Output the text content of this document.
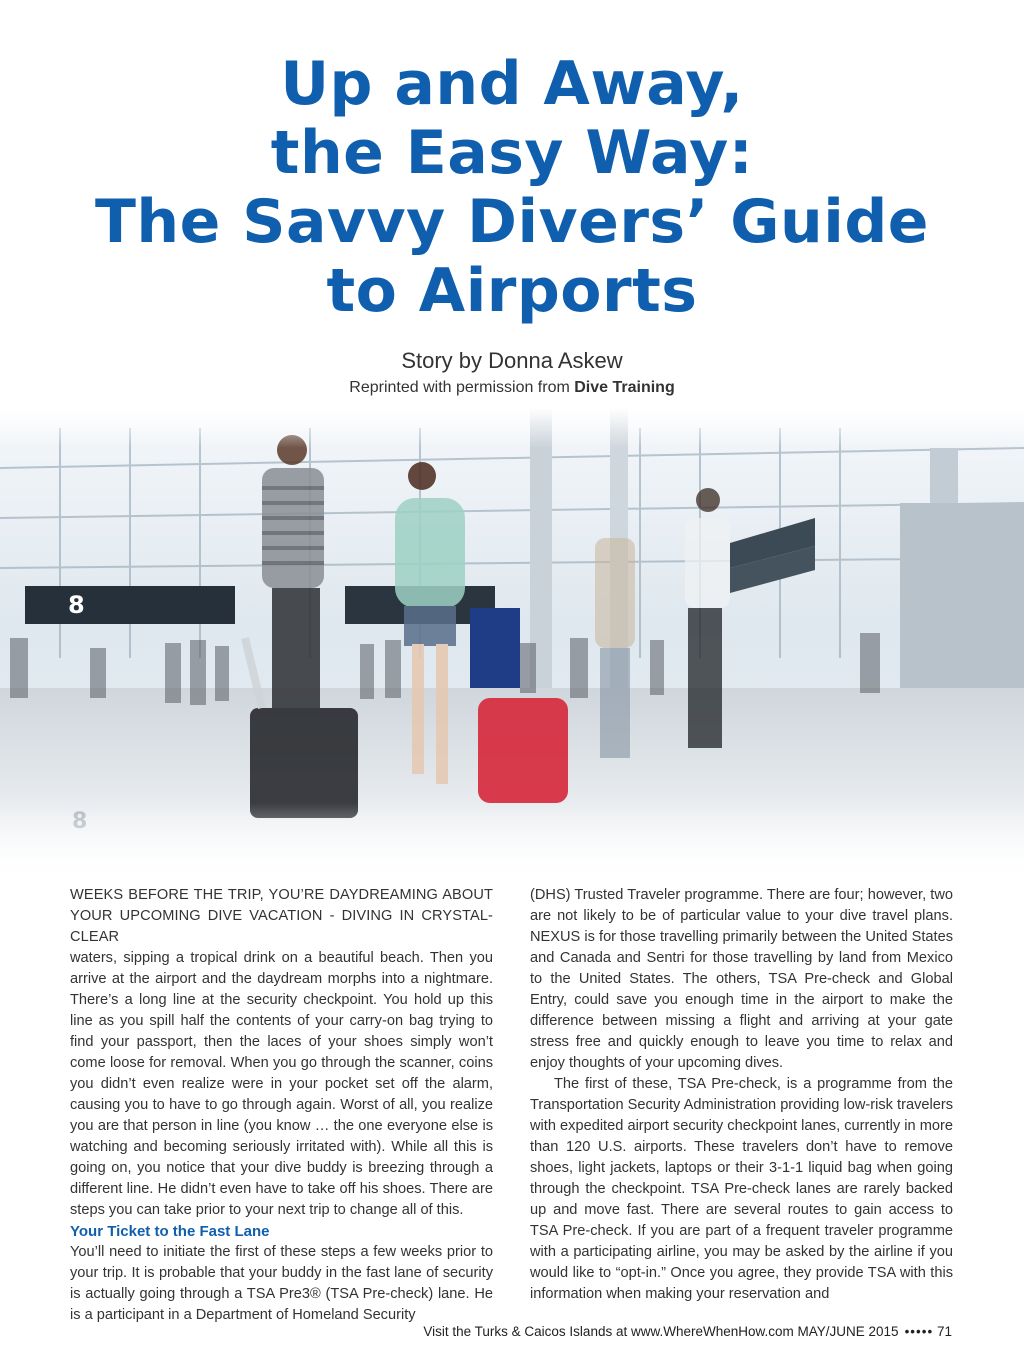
Up and Away,
the Easy Way:
The Savvy Divers’ Guide
to Airports
Story by Donna Askew
Reprinted with permission from Dive Training
8

WEEKS BEFORE THE TRIP, YOU’RE DAYDREAMING ABOUT YOUR UPCOMING DIVE VACATION - DIVING IN CRYSTAL-CLEAR

waters, sipping a tropical drink on a beautiful beach. Then you arrive at the airport and the daydream morphs into a nightmare. There’s a long line at the security checkpoint. You hold up this line as you spill half the contents of your carry-on bag trying to find your passport, then the laces of your shoes simply won’t come loose for removal. When you go through the scanner, coins you didn’t even realize were in your pocket set off the alarm, causing you to have to go through again. Worst of all, you realize you are that person in line (you know … the one everyone else is watching and becoming seriously irritated with). While all this is going on, you notice that your dive buddy is breezing through a different line. He didn’t even have to take off his shoes. There are steps you can take prior to your next trip to change all of this.

Your Ticket to the Fast Lane

You’ll need to initiate the first of these steps a few weeks prior to your trip. It is probable that your buddy in the fast lane of security is actually going through a TSA Pre3® (TSA Pre-check) lane. He is a participant in a Department of Homeland Security

(DHS) Trusted Traveler programme. There are four; however, two are not likely to be of particular value to your dive travel plans. NEXUS is for those travelling primarily between the United States and Canada and Sentri for those travelling by land from Mexico to the United States. The others, TSA Pre-check and Global Entry, could save you enough time in the airport to make the difference between missing a flight and arriving at your gate stress free and quickly enough to leave you time to relax and enjoy thoughts of your upcoming dives.

The first of these, TSA Pre-check, is a programme from the Transportation Security Administration providing low-risk travelers with expedited airport security checkpoint lanes, currently in more than 120 U.S. airports. These travelers don’t have to remove shoes, light jackets, laptops or their 3-1-1 liquid bag when going through the checkpoint. TSA Pre-check lanes are rarely backed up and move fast. There are several routes to gain access to TSA Pre-check. If you are part of a frequent traveler programme with a participating airline, you may be asked by the airline if you would like to “opt-in.” Once you agree, they provide TSA with this information when making your reservation and

Visit the Turks & Caicos Islands at www.WhereWhenHow.com MAY/JUNE 2015 ••••• 71
